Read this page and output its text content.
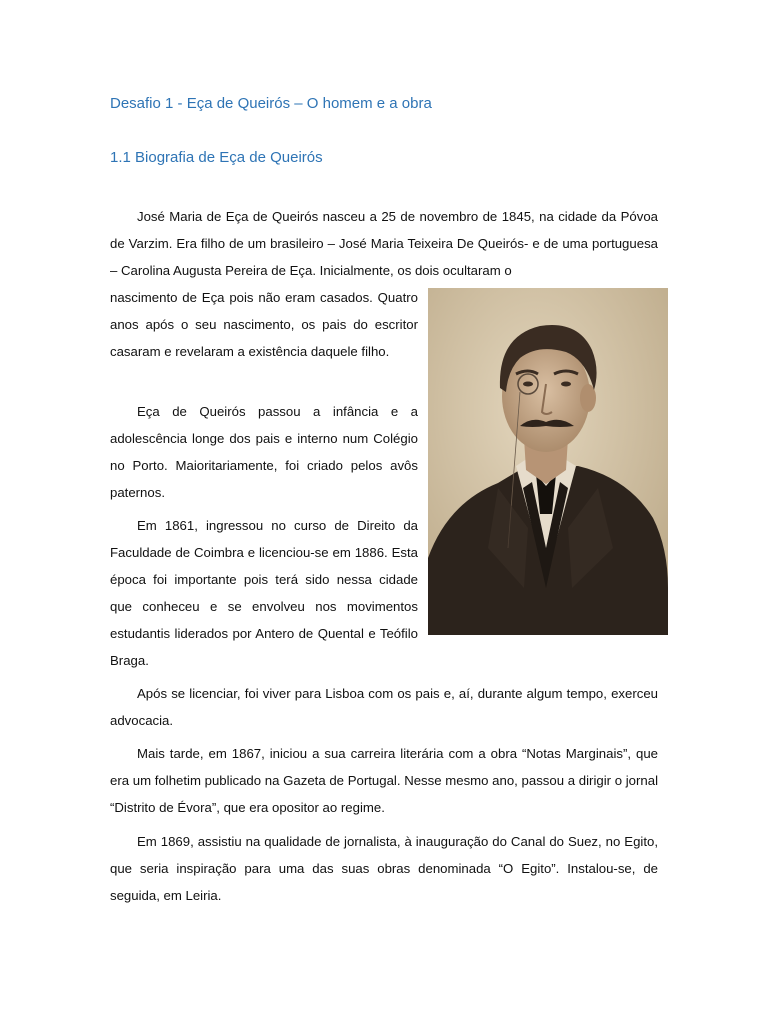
Desafio 1 - Eça de Queirós – O homem e a obra
1.1 Biografia de Eça de Queirós

José Maria de Eça de Queirós nasceu a 25 de novembro de 1845, na cidade da Póvoa de Varzim. Era filho de um brasileiro – José Maria Teixeira De Queirós- e de uma portuguesa – Carolina Augusta Pereira de Eça. Inicialmente, os dois ocultaram o

nascimento de Eça pois não eram casados. Quatro anos após o seu nascimento, os pais do escritor casaram e revelaram a existência daquele filho.

Eça de Queirós passou a infância e a adolescência longe dos pais e interno num Colégio no Porto. Maioritariamente, foi criado pelos avôs paternos.

Em 1861, ingressou no curso de Direito da Faculdade de Coimbra e licenciou-se em 1886. Esta época foi importante pois terá sido nessa cidade que conheceu e se envolveu nos movimentos estudantis liderados por Antero de Quental e Teófilo Braga.

Após se licenciar, foi viver para Lisboa com os pais e, aí, durante algum tempo, exerceu advocacia.

Mais tarde, em 1867, iniciou a sua carreira literária com a obra “Notas Marginais”, que era um folhetim publicado na Gazeta de Portugal. Nesse mesmo ano, passou a dirigir o jornal “Distrito de Évora”, que era opositor ao regime.

Em 1869, assistiu na qualidade de jornalista, à inauguração do Canal do Suez, no Egito, que seria inspiração para uma das suas obras denominada “O Egito”. Instalou-se, de seguida, em Leiria.
